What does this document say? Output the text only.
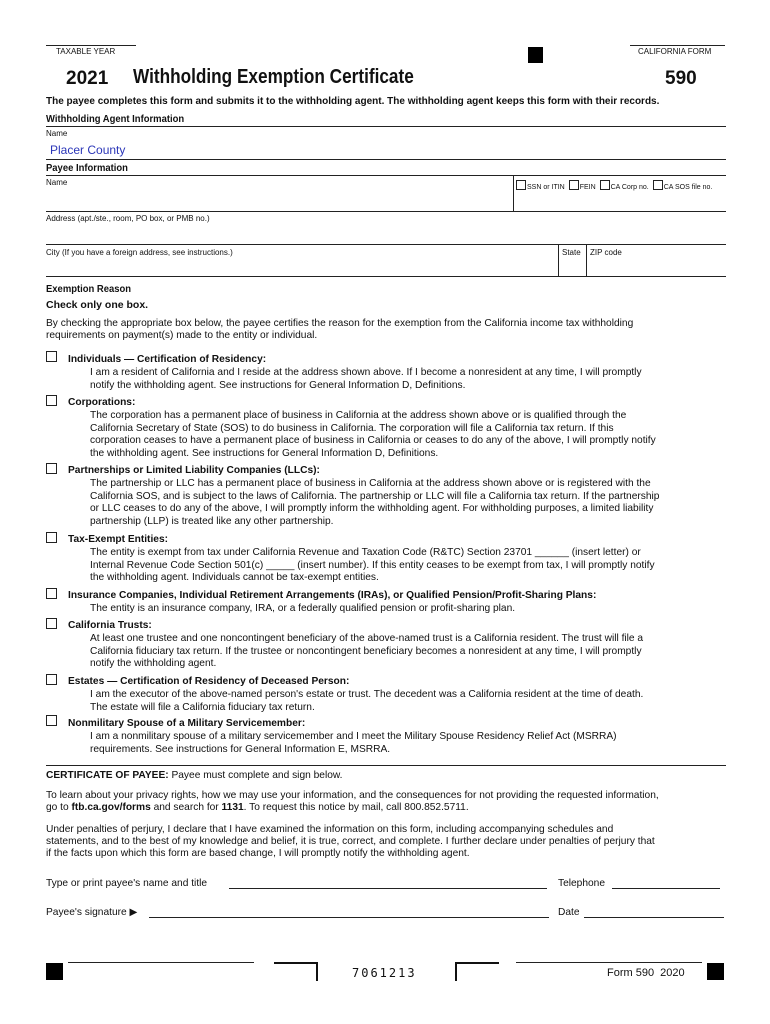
TAXABLE YEAR	CALIFORNIA FORM
2021 Withholding Exemption Certificate	590
The payee completes this form and submits it to the withholding agent. The withholding agent keeps this form with their records.
Withholding Agent Information
Name
Placer County
Payee Information
Name
SSN or ITIN FEIN CA Corp no. CA SOS file no.
Address (apt./ste., room, PO box, or PMB no.)
City (If you have a foreign address, see instructions.)	State ZIP code
Exemption Reason
Check only one box.
By checking the appropriate box below, the payee certifies the reason for the exemption from the California income tax withholding
requirements on payment(s) made to the entity or individual.
Individuals — Certification of Residency:
I am a resident of California and I reside at the address shown above. If I become a nonresident at any time, I will promptly
notify the withholding agent. See instructions for General Information D, Definitions.
Corporations:
The corporation has a permanent place of business in California at the address shown above or is qualified through the
California Secretary of State (SOS) to do business in California. The corporation will file a California tax return. If this
corporation ceases to have a permanent place of business in California or ceases to do any of the above, I will promptly notify
the withholding agent. See instructions for General Information D, Definitions.
Partnerships or Limited Liability Companies (LLCs):
The partnership or LLC has a permanent place of business in California at the address shown above or is registered with the
California SOS, and is subject to the laws of California. The partnership or LLC will file a California tax return. If the partnership
or LLC ceases to do any of the above, I will promptly inform the withholding agent. For withholding purposes, a limited liability
partnership (LLP) is treated like any other partnership.
Tax-Exempt Entities:
The entity is exempt from tax under California Revenue and Taxation Code (R&TC) Section 23701 ______ (insert letter) or
Internal Revenue Code Section 501(c) _____ (insert number). If this entity ceases to be exempt from tax, I will promptly notify
the withholding agent. Individuals cannot be tax-exempt entities.
Insurance Companies, Individual Retirement Arrangements (IRAs), or Qualified Pension/Profit-Sharing Plans:
The entity is an insurance company, IRA, or a federally qualified pension or profit-sharing plan.
California Trusts:
At least one trustee and one noncontingent beneficiary of the above-named trust is a California resident. The trust will file a
California fiduciary tax return. If the trustee or noncontingent beneficiary becomes a nonresident at any time, I will promptly
notify the withholding agent.
Estates — Certification of Residency of Deceased Person:
I am the executor of the above-named person's estate or trust. The decedent was a California resident at the time of death.
The estate will file a California fiduciary tax return.
Nonmilitary Spouse of a Military Servicemember:
I am a nonmilitary spouse of a military servicemember and I meet the Military Spouse Residency Relief Act (MSRRA)
requirements. See instructions for General Information E, MSRRA.
CERTIFICATE OF PAYEE: Payee must complete and sign below.
To learn about your privacy rights, how we may use your information, and the consequences for not providing the requested information,
go to ftb.ca.gov/forms and search for 1131. To request this notice by mail, call 800.852.5711.
Under penalties of perjury, I declare that I have examined the information on this form, including accompanying schedules and
statements, and to the best of my knowledge and belief, it is true, correct, and complete. I further declare under penalties of perjury that
if the facts upon which this form are based change, I will promptly notify the withholding agent.
Type or print payee's name and title	Telephone
Payee's signature ▶	Date
7061213	Form 590  2020
